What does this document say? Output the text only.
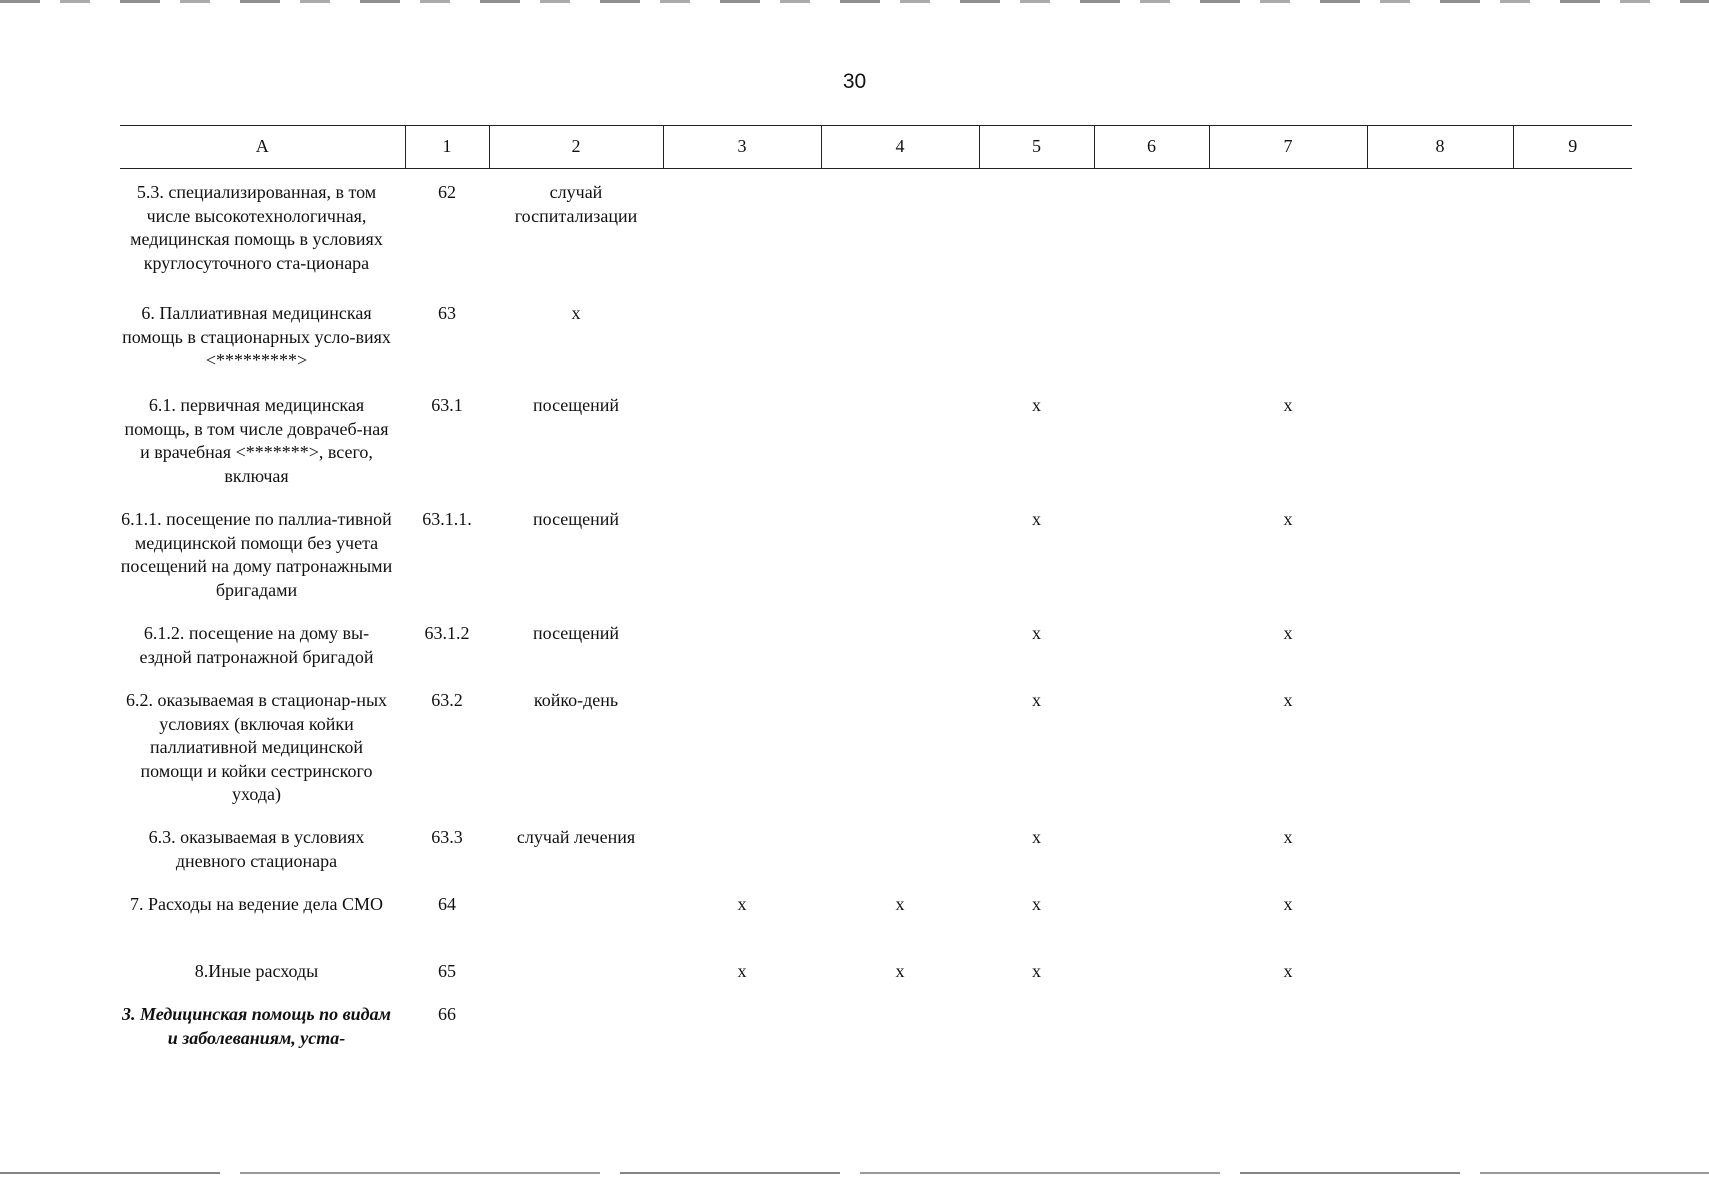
30
A	1	2	3	4	5	6	7	8	9
5.3. специализированная, в том числе высокотехнологичная, медицинская помощь в условиях круглосуточного ста-ционара	62	случай госпитализации							
6. Паллиативная медицинская помощь в стационарных усло-виях <*********>	63	х							
6.1. первичная медицинская помощь, в том числе доврачеб-ная и врачебная <*******>, всего, включая	63.1	посещений			х		х		
6.1.1. посещение по паллиа-тивной медицинской помощи без учета посещений на дому патронажными бригадами	63.1.1.	посещений			х		х		
6.1.2. посещение на дому вы-ездной патронажной бригадой	63.1.2	посещений			х		х		
6.2. оказываемая в стационар-ных условиях (включая койки паллиативной медицинской помощи и койки сестринского ухода)	63.2	койко-день			х		х		
6.3. оказываемая в условиях дневного стационара	63.3	случай лечения			х		х		
7. Расходы на ведение дела СМО	64		х	х	х		х		
8.Иные расходы	65		х	х	х		х		
3. Медицинская помощь по видам и заболеваниям, уста-	66								
